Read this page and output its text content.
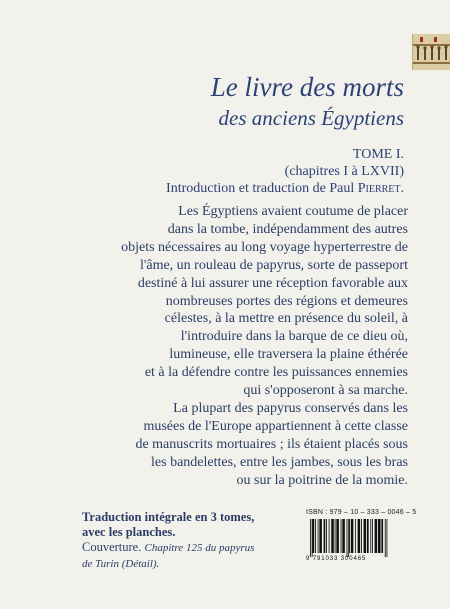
Le livre des morts
des anciens Égyptiens
TOME I.
(chapitres I à LXVII)
Introduction et traduction de Paul Pierret.
Les Égyptiens avaient coutume de placer
dans la tombe, indépendamment des autres
objets nécessaires au long voyage hyperterrestre de
l'âme, un rouleau de papyrus, sorte de passeport
destiné à lui assurer une réception favorable aux
nombreuses portes des régions et demeures
célestes, à la mettre en présence du soleil, à
l'introduire dans la barque de ce dieu où,
lumineuse, elle traversera la plaine éthérée
et à la défendre contre les puissances ennemies
qui s'opposeront à sa marche.
La plupart des papyrus conservés dans les
musées de l'Europe appartiennent à cette classe
de manuscrits mortuaires ; ils étaient placés sous
les bandelettes, entre les jambes, sous les bras
ou sur la poitrine de la momie.
Traduction intégrale en 3 tomes,
avec les planches.
Couverture. Chapitre 125 du papyrus
de Turin (Détail).
ISBN : 979 – 10 – 333 – 0046 – 5
9 791033 300465
